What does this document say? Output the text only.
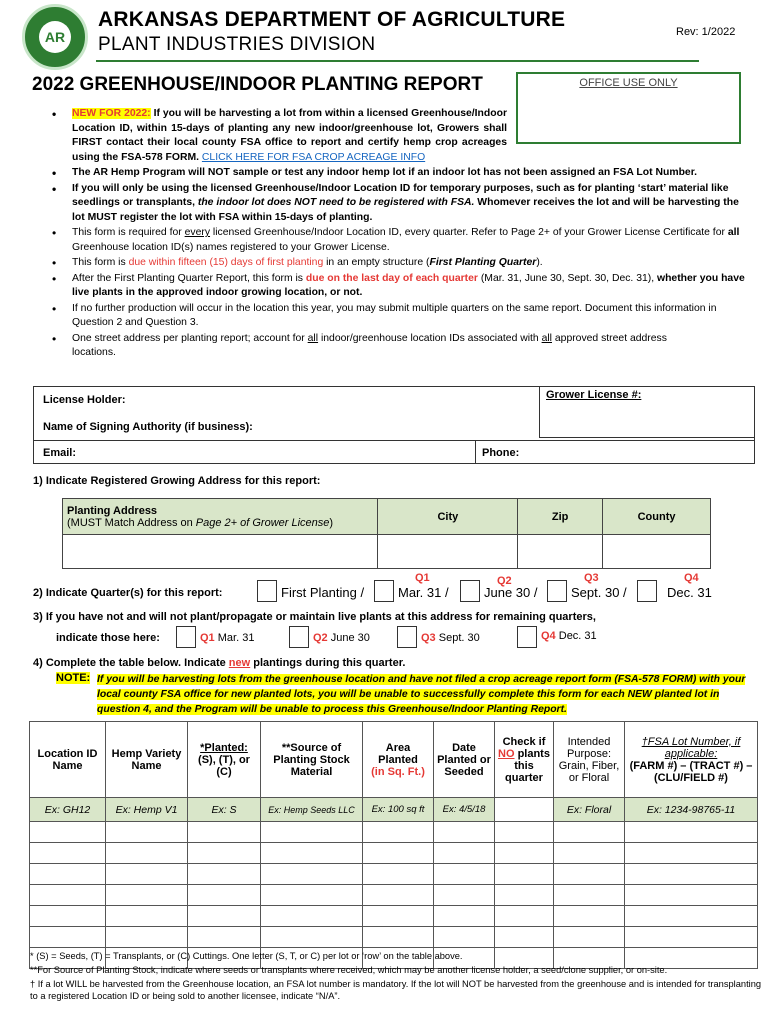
AR
ARKANSAS DEPARTMENT OF AGRICULTURE
PLANT INDUSTRIES DIVISION
Rev: 1/2022
2022 GREENHOUSE/INDOOR PLANTING REPORT	OFFICE USE ONLY
• NEW FOR 2022: If you will be harvesting a lot from within a licensed Greenhouse/Indoor Location ID, within 15-days of planting any new indoor/greenhouse lot, Growers shall FIRST contact their local county FSA office to report and certify hemp crop acreages using the FSA-578 FORM. CLICK HERE FOR FSA CROP ACREAGE INFO
• The AR Hemp Program will NOT sample or test any indoor hemp lot if an indoor lot has not been assigned an FSA Lot Number.
• If you will only be using the licensed Greenhouse/Indoor Location ID for temporary purposes, such as for planting ‘start’ material like seedlings or transplants, the indoor lot does NOT need to be registered with FSA. Whomever receives the lot and will be harvesting the lot MUST register the lot with FSA within 15-days of planting.
• This form is required for every licensed Greenhouse/Indoor Location ID, every quarter. Refer to Page 2+ of your Grower License Certificate for all Greenhouse location ID(s) names registered to your Grower License.
• This form is due within fifteen (15) days of first planting in an empty structure (First Planting Quarter).
• After the First Planting Quarter Report, this form is due on the last day of each quarter (Mar. 31, June 30, Sept. 30, Dec. 31), whether you have live plants in the approved indoor growing location, or not.
• If no further production will occur in the location this year, you may submit multiple quarters on the same report. Document this information in Question 2 and Question 3.
• One street address per planting report; account for all indoor/greenhouse location IDs associated with all approved street address locations.
License Holder:	Grower License #:
Name of Signing Authority (if business):
Email:	Phone:
1) Indicate Registered Growing Address for this report:
Planting Address
(MUST Match Address on Page 2+ of Grower License)	City	Zip	County

2) Indicate Quarter(s) for this report:	First Planting /
Q1
Mar. 31 /
Q2
June 30 /
Q3
Sept. 30 /
Q4
Dec. 31
3) If you have not and will not plant/propagate or maintain live plants at this address for remaining quarters,
indicate those here:	Q1 Mar. 31	Q2 June 30	Q3 Sept. 30	Q4 Dec. 31
4) Complete the table below. Indicate new plantings during this quarter.
NOTE: If you will be harvesting lots from the greenhouse location and have not filed a crop acreage report form (FSA-578 FORM) with your local county FSA office for new planted lots, you will be unable to successfully complete this form for each NEW planted lot in question 4, and the Program will be unable to process this Greenhouse/Indoor Planting Report.
Location ID Name	Hemp Variety Name	*Planted:
(S), (T), or (C)	**Source of Planting Stock Material	Area Planted
(in Sq. Ft.)	Date Planted or Seeded	Check if NO plants this quarter	Intended Purpose: Grain, Fiber, or Floral	†FSA Lot Number, if applicable:
(FARM #) – (TRACT #) – (CLU/FIELD #)
Ex: GH12	Ex: Hemp V1	Ex: S	Ex: Hemp Seeds LLC	Ex: 100 sq ft	Ex: 4/5/18		Ex: Floral	Ex: 1234-98765-11

* (S) = Seeds, (T) = Transplants, or (C) Cuttings. One letter (S, T, or C) per lot or ‘row’ on the table above.
**For Source of Planting Stock, indicate where seeds or transplants where received, which may be another license holder, a seed/clone supplier, or on-site.
† If a lot WILL be harvested from the Greenhouse location, an FSA lot number is mandatory. If the lot will NOT be harvested from the greenhouse and is intended for transplanting to a registered Location ID or being sold to another licensee, indicate “N/A”.
